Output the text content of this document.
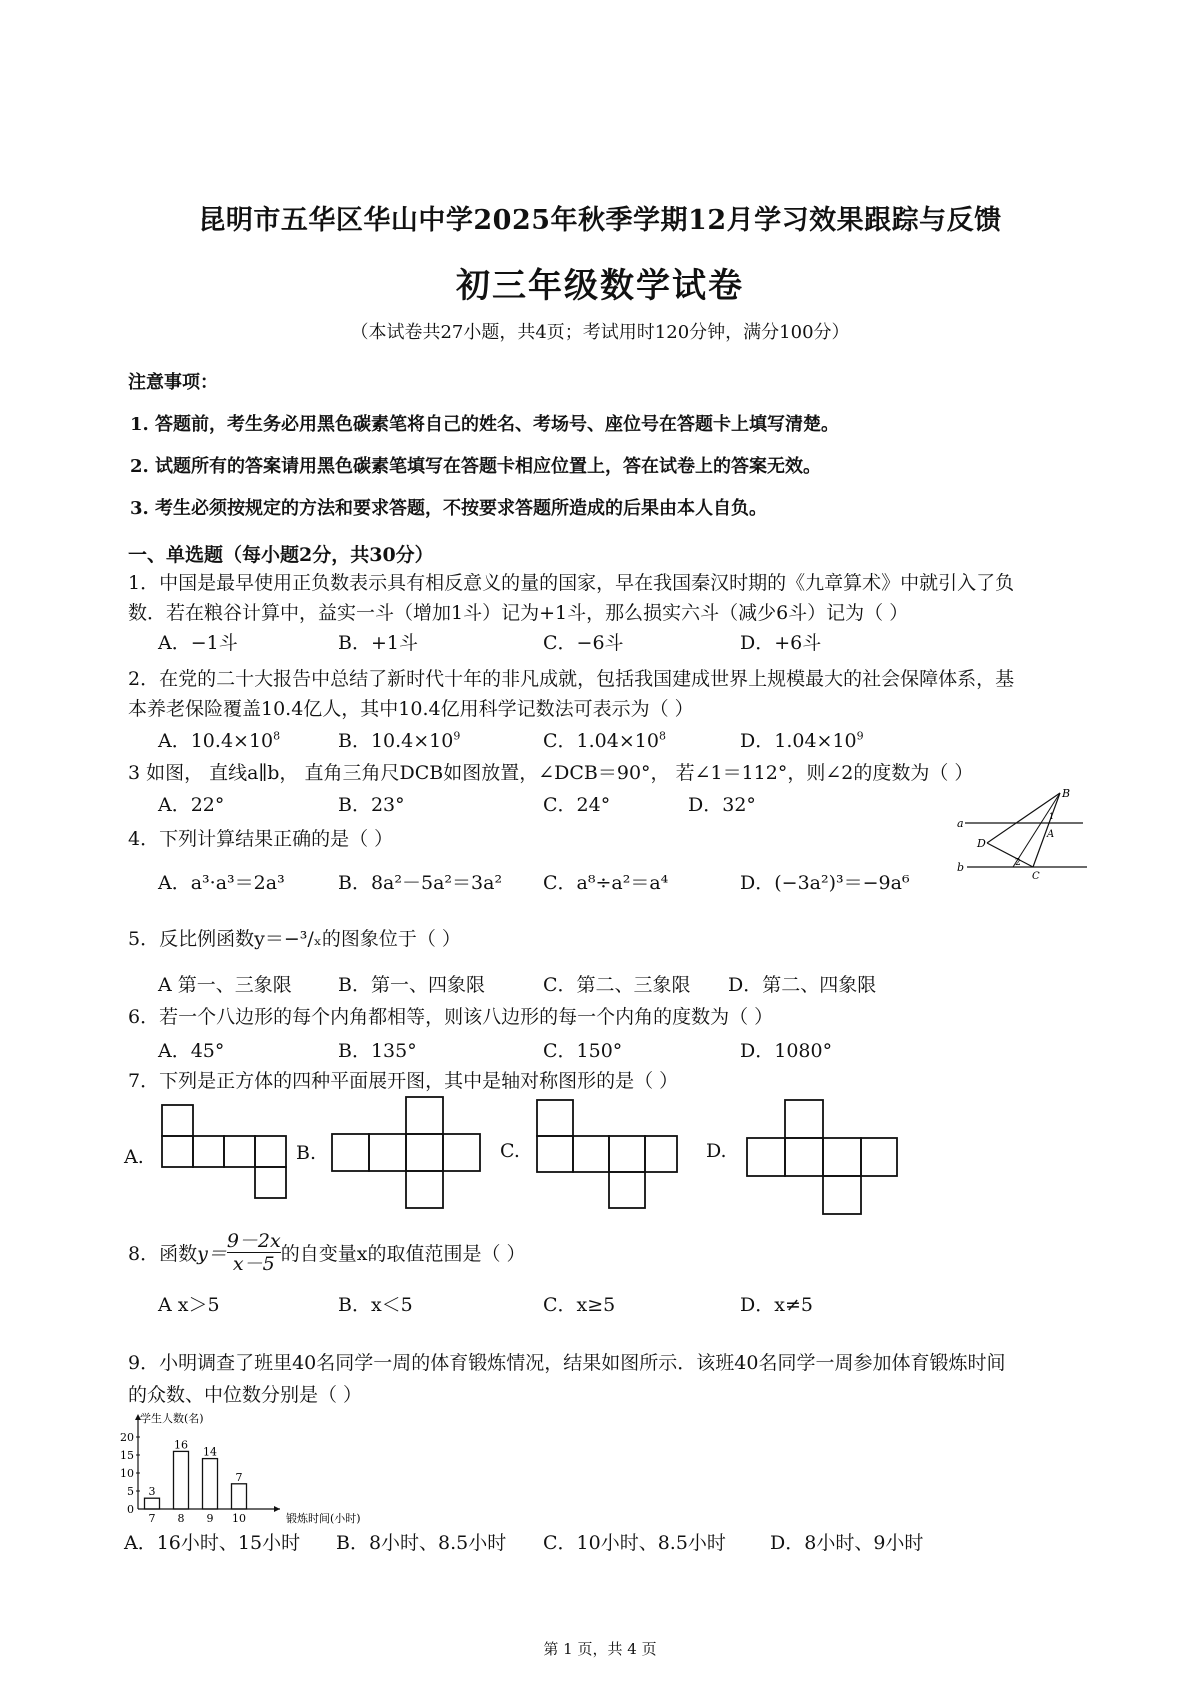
昆明市五华区华山中学2025年秋季学期12月学习效果跟踪与反馈
初三年级数学试卷
（本试卷共27小题，共4页；考试用时120分钟，满分100分）
注意事项：
1. 答题前，考生务必用黑色碳素笔将自己的姓名、考场号、座位号在答题卡上填写清楚。
2. 试题所有的答案请用黑色碳素笔填写在答题卡相应位置上，答在试卷上的答案无效。
3. 考生必须按规定的方法和要求答题，不按要求答题所造成的后果由本人自负。
一、单选题（每小题2分，共30分）
1．中国是最早使用正负数表示具有相反意义的量的国家，早在我国秦汉时期的《九章算术》中就引入了负
数．若在粮谷计算中，益实一斗（增加1斗）记为+1斗，那么损实六斗（减少6斗）记为（ ）
A．−1斗	B．+1斗	C．−6斗	D．+6斗
2．在党的二十大报告中总结了新时代十年的非凡成就，包括我国建成世界上规模最大的社会保障体系，基
本养老保险覆盖10.4亿人，其中10.4亿用科学记数法可表示为（ ）
A．$10.4\times 10^8$	B．$10.4\times 10^9$	C．$1.04\times 10^8$	D．$1.04\times 10^9$
3 如图， 直线a∥b， 直角三角尺DCB如图放置，∠DCB＝90°， 若∠1＝112°，则∠2的度数为（ ）
A．22°	B．23°	C．24°	D．32°
a
b
B
A
D
C
1
2
4．下列计算结果正确的是（ ）
A．a³·a³＝2a³	B．8a²－5a²＝3a² C．a⁸÷a²＝a⁴	D．(−3a²)³＝−9a⁶
5．反比例函数y＝−³/ₓ的图象位于（ ）
A 第一、三象限 B．第一、四象限	C．第二、三象限 D．第二、四象限
6．若一个八边形的每个内角都相等，则该八边形的每一个内角的度数为（ ）
A．45°	B．135°	C．150°	D．1080°
7．下列是正方体的四种平面展开图，其中是轴对称图形的是（ ）
A.	B.	C.	D.
8．函数 $y= \frac{9-2x}{x-5}$ 的自变量x的取值范围是（ ）
A x＞5	B．x＜5	C．x≥5	D．x≠5
9．小明调查了班里40名同学一周的体育锻炼情况，结果如图所示．该班40名同学一周参加体育锻炼时间
的众数、中位数分别是（ ）
学生人数(名)
锻炼时间(小时)
0
5
10
15
20
3
7
16
8
14
9
7
10
A．16小时、15小时 B．8小时、8.5小时 C．10小时、8.5小时 D．8小时、9小时
第 1 页，共 4 页
